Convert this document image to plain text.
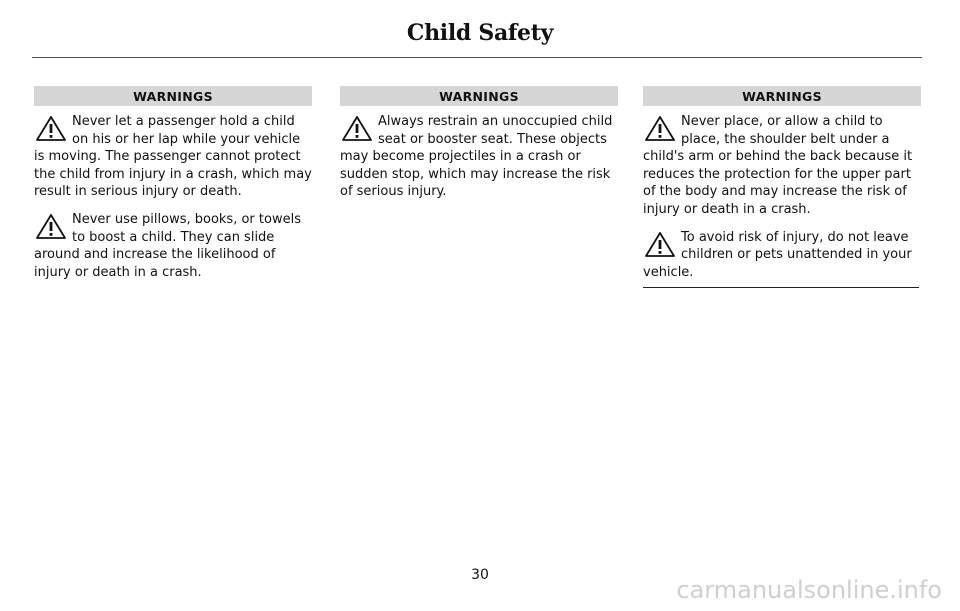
Child Safety
WARNINGS
Never let a passenger hold a child on his or her lap while your vehicle is moving. The passenger cannot protect the child from injury in a crash, which may result in serious injury or death.
Never use pillows, books, or towels to boost a child. They can slide around and increase the likelihood of injury or death in a crash.
WARNINGS
Always restrain an unoccupied child seat or booster seat. These objects may become projectiles in a crash or sudden stop, which may increase the risk of serious injury.
WARNINGS
Never place, or allow a child to place, the shoulder belt under a child's arm or behind the back because it reduces the protection for the upper part of the body and may increase the risk of injury or death in a crash.
To avoid risk of injury, do not leave children or pets unattended in your vehicle.
30
carmanualsonline.info
